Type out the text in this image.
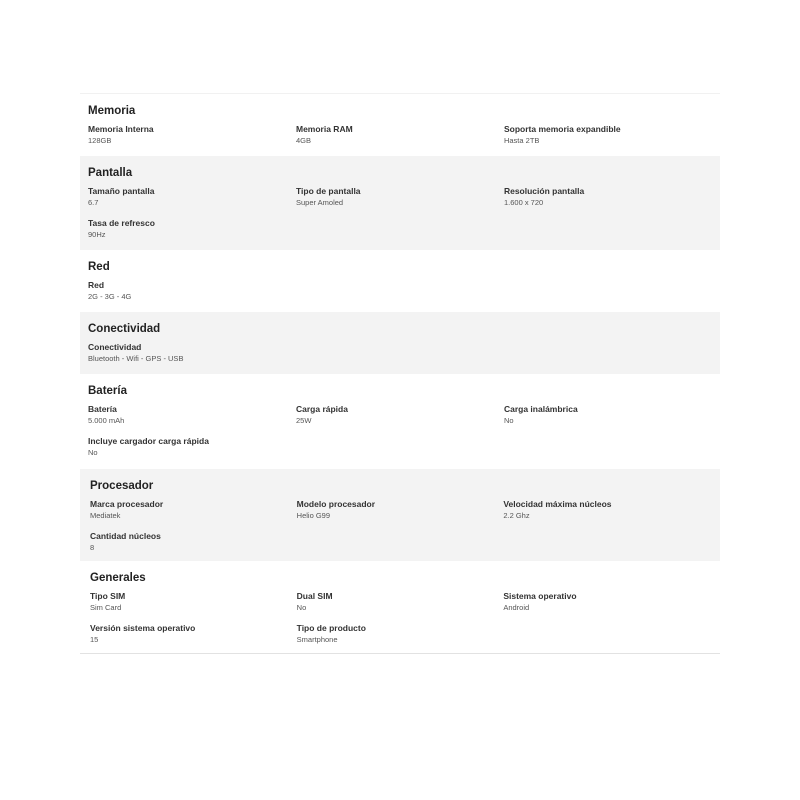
Memoria
Memoria Interna
128GB
Memoria RAM
4GB
Soporta memoria expandible
Hasta 2TB
Pantalla
Tamaño pantalla
6.7
Tipo de pantalla
Super Amoled
Resolución pantalla
1.600 x 720
Tasa de refresco
90Hz
Red
Red
2G - 3G - 4G
Conectividad
Conectividad
Bluetooth - Wifi - GPS - USB
Batería
Batería
5.000 mAh
Carga rápida
25W
Carga inalámbrica
No
Incluye cargador carga rápida
No
Procesador
Marca procesador
Mediatek
Modelo procesador
Helio G99
Velocidad máxima núcleos
2.2 Ghz
Cantidad núcleos
8
Generales
Tipo SIM
Sim Card
Dual SIM
No
Sistema operativo
Android
Versión sistema operativo
15
Tipo de producto
Smartphone
